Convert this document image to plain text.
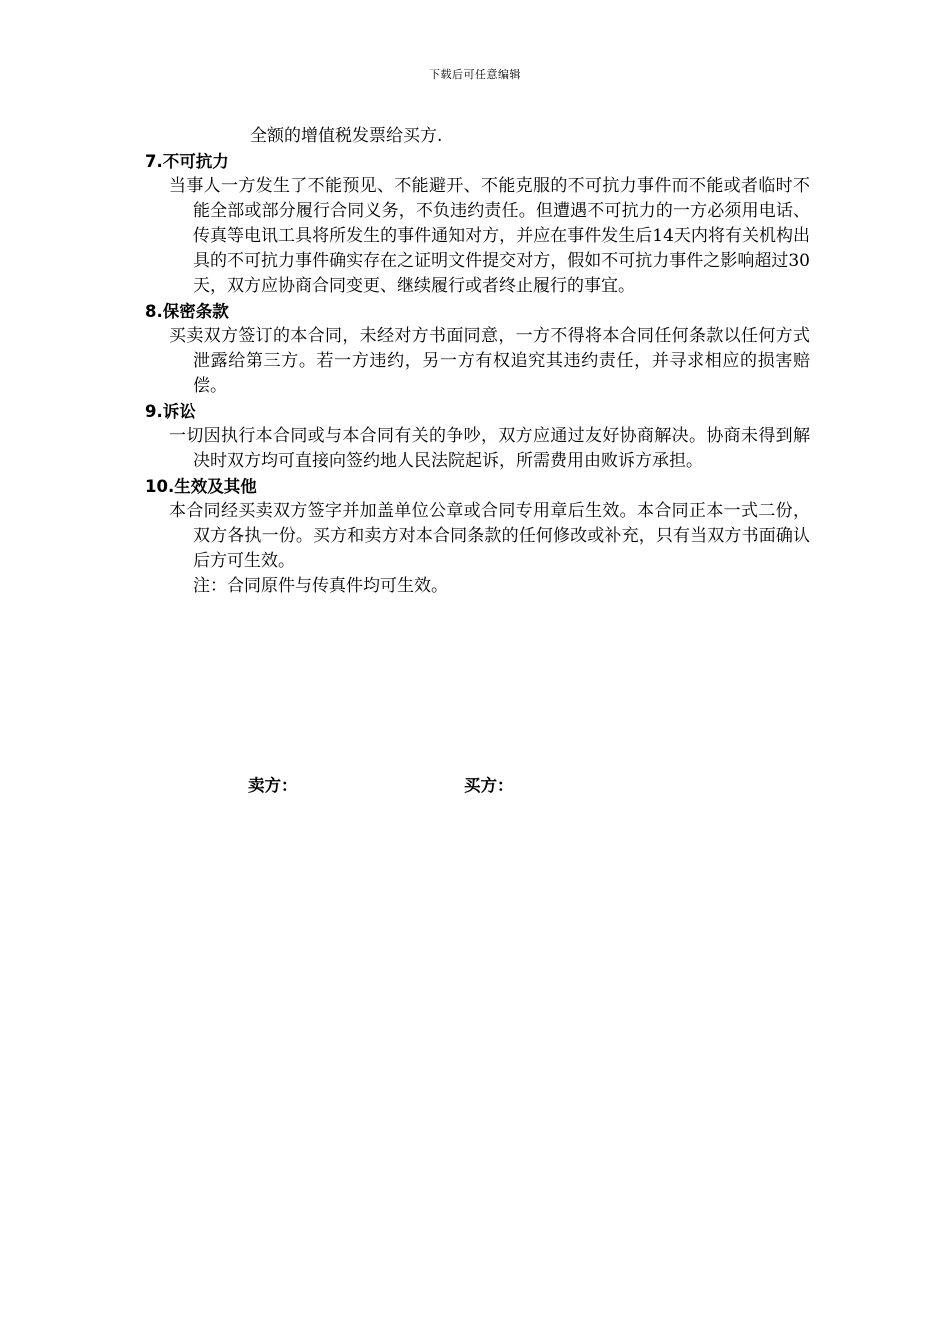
下载后可任意编辑
全额的增值税发票给买方.
7.不可抗力
当事人一方发生了不能预见、不能避开、不能克服的不可抗力事件而不能或者临时不能全部或部分履行合同义务，不负违约责任。但遭遇不可抗力的一方必须用电话、传真等电讯工具将所发生的事件通知对方，并应在事件发生后14天内将有关机构出具的不可抗力事件确实存在之证明文件提交对方，假如不可抗力事件之影响超过30天，双方应协商合同变更、继续履行或者终止履行的事宜。
8.保密条款
买卖双方签订的本合同，未经对方书面同意，一方不得将本合同任何条款以任何方式泄露给第三方。若一方违约，另一方有权追究其违约责任，并寻求相应的损害赔偿。
9.诉讼
一切因执行本合同或与本合同有关的争吵，双方应通过友好协商解决。协商未得到解决时双方均可直接向签约地人民法院起诉，所需费用由败诉方承担。
10.生效及其他
本合同经买卖双方签字并加盖单位公章或合同专用章后生效。本合同正本一式二份，双方各执一份。买方和卖方对本合同条款的任何修改或补充，只有当双方书面确认后方可生效。
注：合同原件与传真件均可生效。
卖方：	买方：
